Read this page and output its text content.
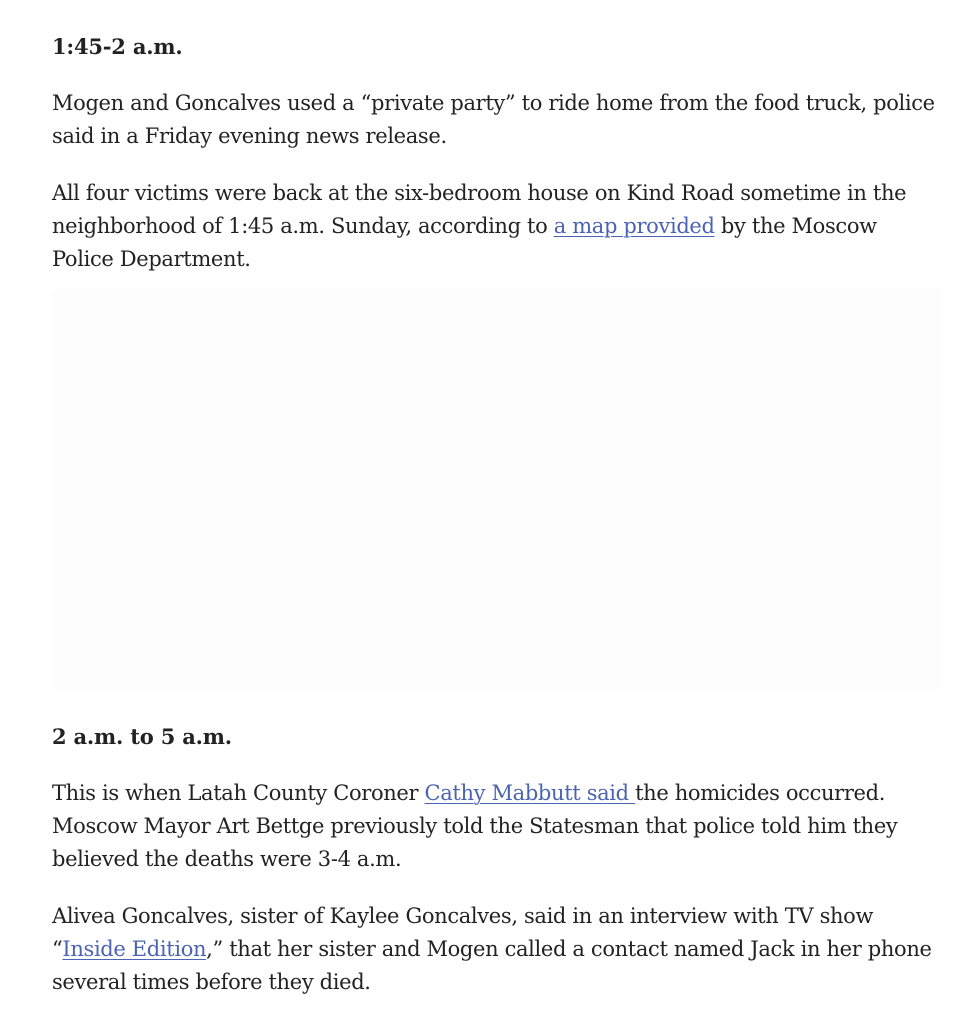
1:45-2 a.m.

Mogen and Goncalves used a “private party” to ride home from the food truck, police said in a Friday evening news release.

All four victims were back at the six-bedroom house on Kind Road sometime in the neighborhood of 1:45 a.m. Sunday, according to a map provided by the Moscow Police Department.

2 a.m. to 5 a.m.

This is when Latah County Coroner Cathy Mabbutt said the homicides occurred. Moscow Mayor Art Bettge previously told the Statesman that police told him they believed the deaths were 3-4 a.m.

Alivea Goncalves, sister of Kaylee Goncalves, said in an interview with TV show “Inside Edition,” that her sister and Mogen called a contact named Jack in her phone several times before they died.
